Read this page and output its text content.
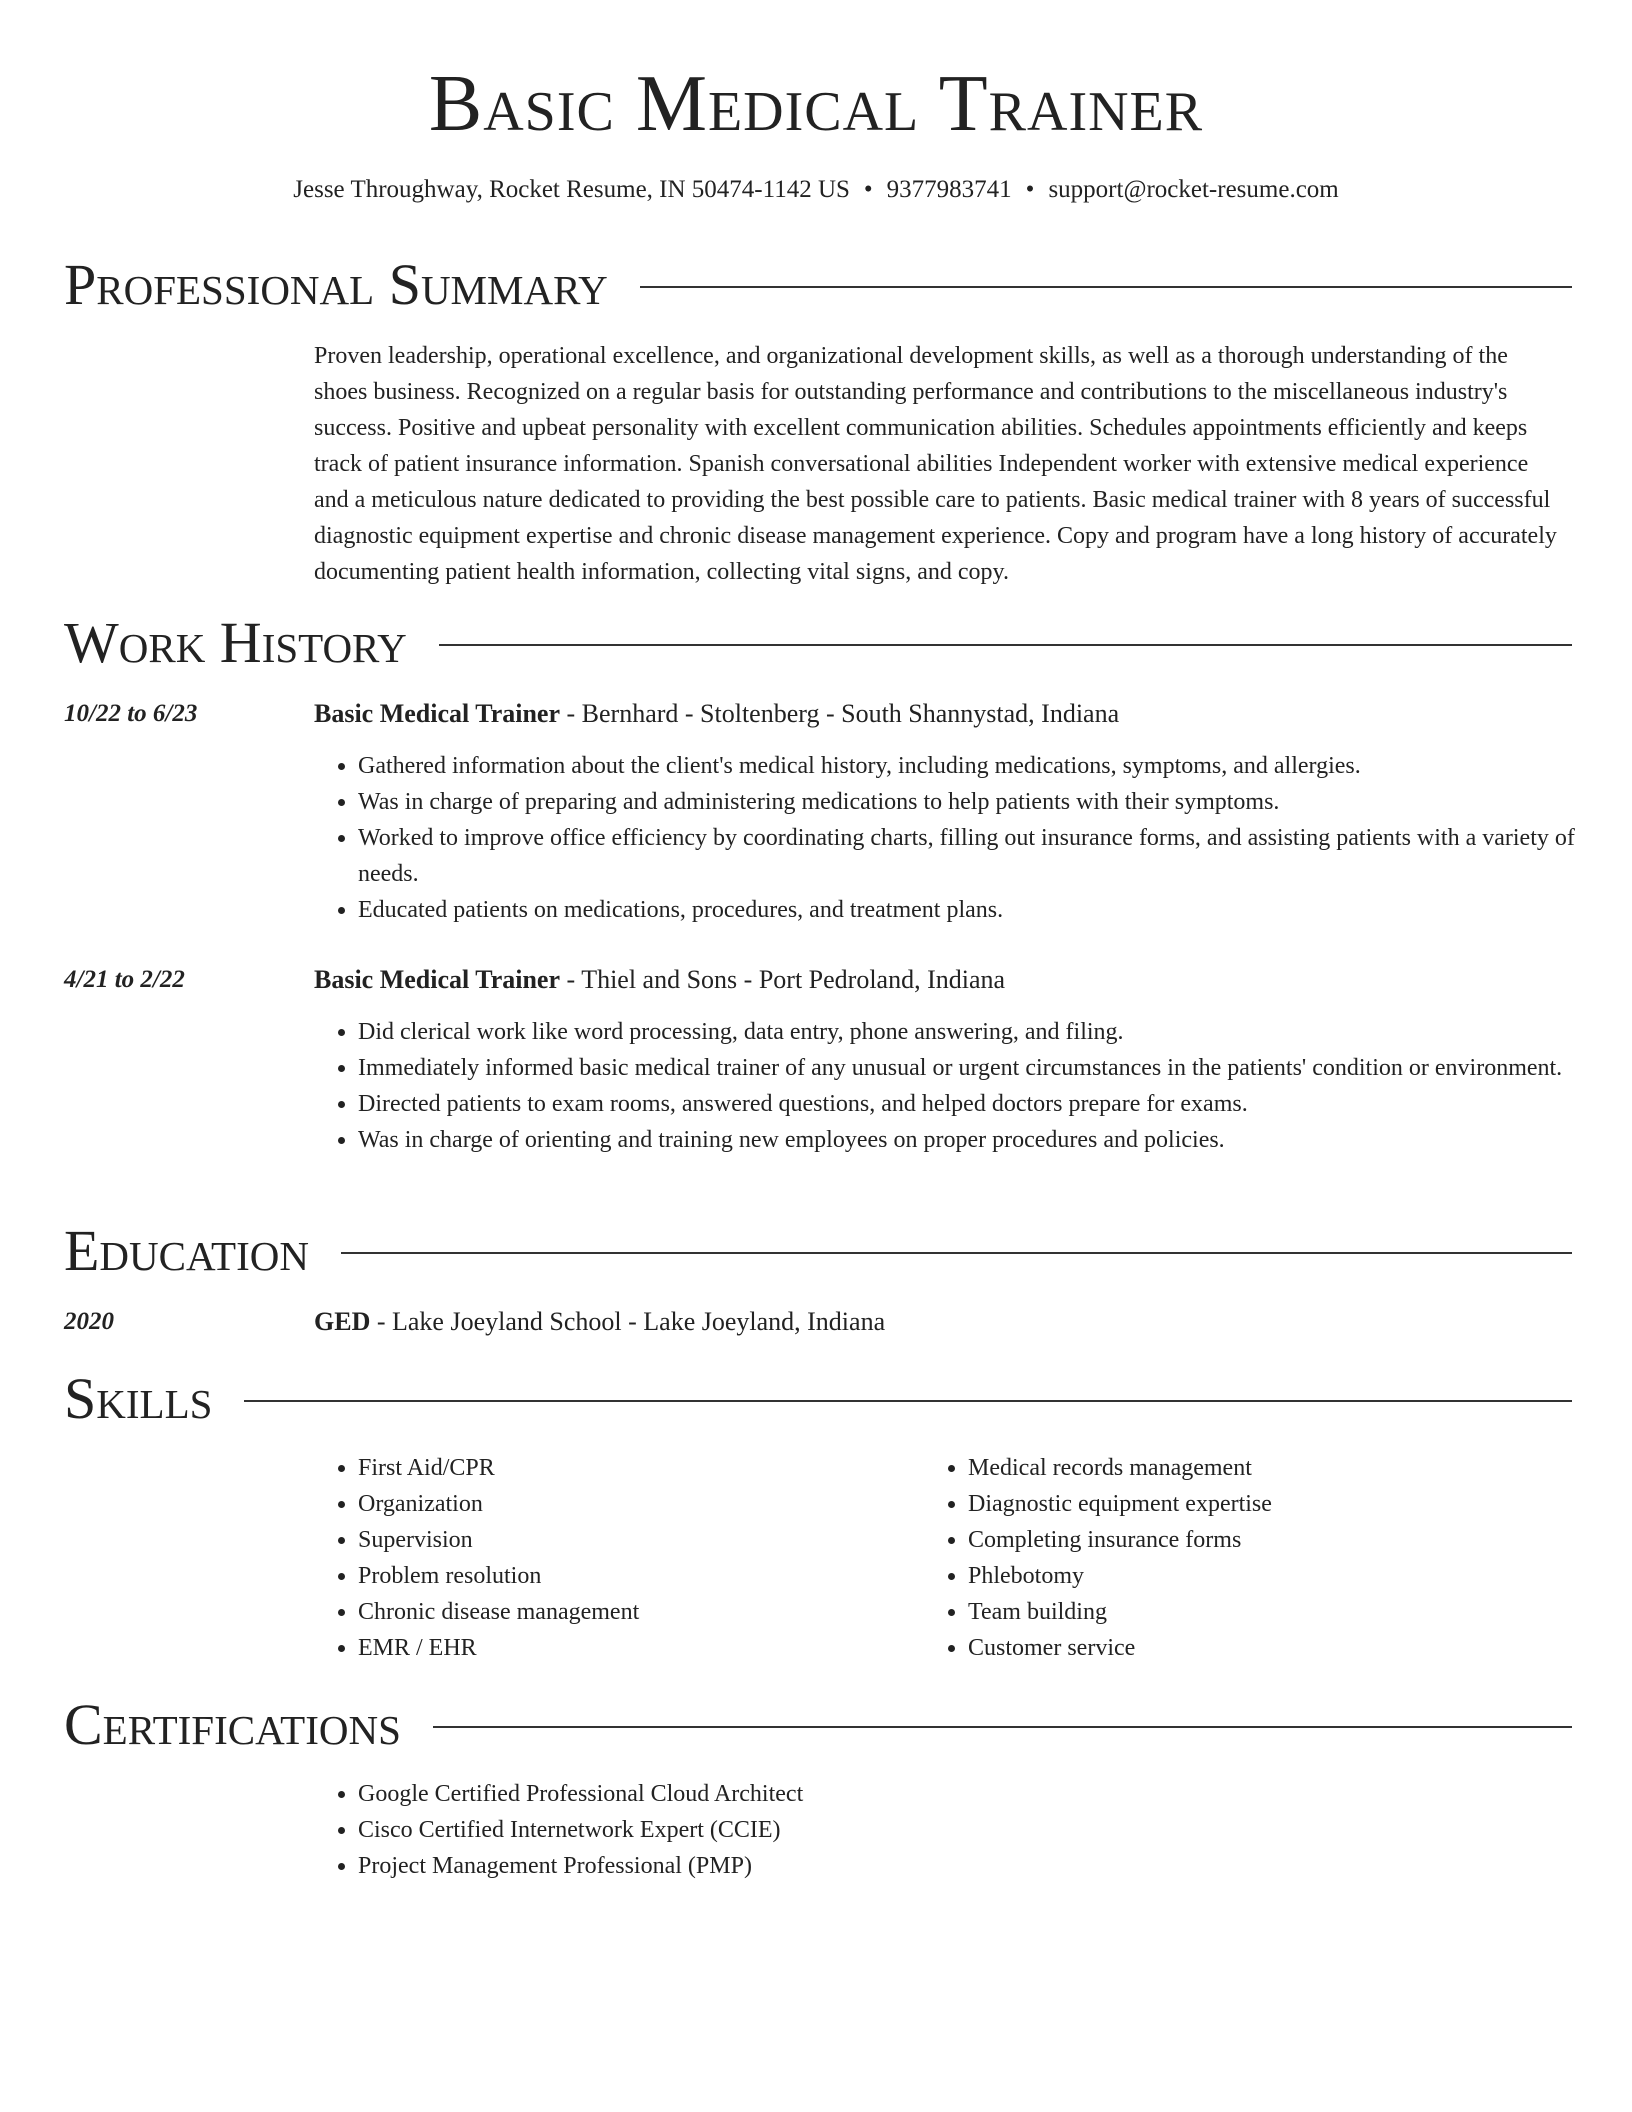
Basic Medical Trainer
Jesse Throughway, Rocket Resume, IN 50474-1142 US • 9377983741 • support@rocket-resume.com
Professional Summary

Proven leadership, operational excellence, and organizational development skills, as well as a thorough understanding of the shoes business. Recognized on a regular basis for outstanding performance and contributions to the miscellaneous industry's success. Positive and upbeat personality with excellent communication abilities. Schedules appointments efficiently and keeps track of patient insurance information. Spanish conversational abilities Independent worker with extensive medical experience and a meticulous nature dedicated to providing the best possible care to patients. Basic medical trainer with 8 years of successful diagnostic equipment expertise and chronic disease management experience. Copy and program have a long history of accurately documenting patient health information, collecting vital signs, and copy.

Work History
10/22 to 6/23	Basic Medical Trainer - Bernhard - Stoltenberg - South Shannystad, Indiana
• Gathered information about the client's medical history, including medications, symptoms, and allergies.
• Was in charge of preparing and administering medications to help patients with their symptoms.
• Worked to improve office efficiency by coordinating charts, filling out insurance forms, and assisting patients with a variety of needs.
• Educated patients on medications, procedures, and treatment plans.
4/21 to 2/22	Basic Medical Trainer - Thiel and Sons - Port Pedroland, Indiana
• Did clerical work like word processing, data entry, phone answering, and filing.
• Immediately informed basic medical trainer of any unusual or urgent circumstances in the patients' condition or environment.
• Directed patients to exam rooms, answered questions, and helped doctors prepare for exams.
• Was in charge of orienting and training new employees on proper procedures and policies.
Education
2020	GED - Lake Joeyland School - Lake Joeyland, Indiana
Skills
• First Aid/CPR
• Organization
• Supervision
• Problem resolution
• Chronic disease management
• EMR / EHR
• Medical records management
• Diagnostic equipment expertise
• Completing insurance forms
• Phlebotomy
• Team building
• Customer service
Certifications
• Google Certified Professional Cloud Architect
• Cisco Certified Internetwork Expert (CCIE)
• Project Management Professional (PMP)
